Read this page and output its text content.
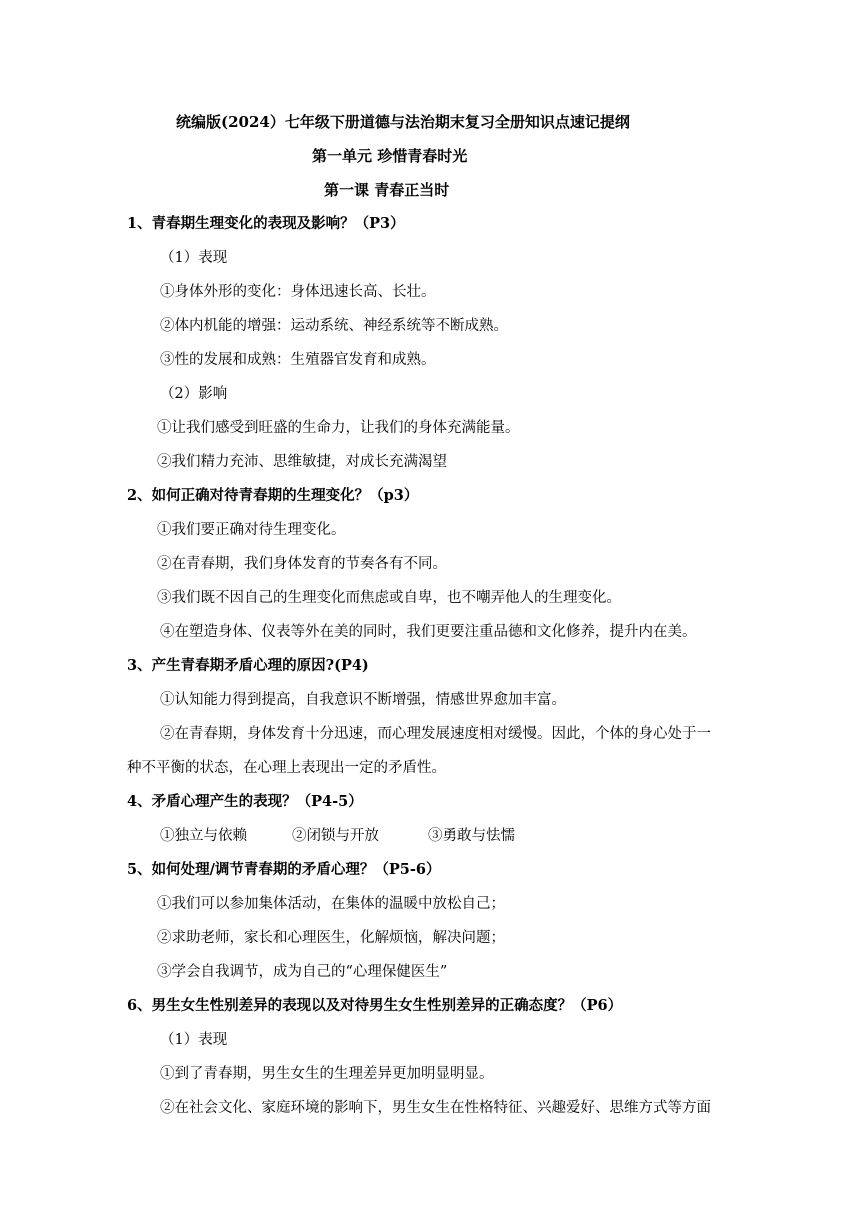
统编版(2024）七年级下册道德与法治期末复习全册知识点速记提纲
第一单元 珍惜青春时光
第一课 青春正当时
1、青春期生理变化的表现及影响？（P3）
（1）表现
①身体外形的变化：身体迅速长高、长壮。
②体内机能的增强：运动系统、神经系统等不断成熟。
③性的发展和成熟：生殖器官发育和成熟。
（2）影响
①让我们感受到旺盛的生命力，让我们的身体充满能量。
②我们精力充沛、思维敏捷，对成长充满渴望
2、如何正确对待青春期的生理变化？（p3）
①我们要正确对待生理变化。
②在青春期，我们身体发育的节奏各有不同。
③我们既不因自己的生理变化而焦虑或自卑，也不嘲弄他人的生理变化。
④在塑造身体、仪表等外在美的同时，我们更要注重品德和文化修养，提升内在美。
3、产生青春期矛盾心理的原因?(P4)
①认知能力得到提高，自我意识不断增强，情感世界愈加丰富。
②在青春期，身体发育十分迅速，而心理发展速度相对缓慢。因此，个体的身心处于一
种不平衡的状态，在心理上表现出一定的矛盾性。
4、矛盾心理产生的表现？（P4-5）
①独立与依赖	②闭锁与开放	③勇敢与怯懦
5、如何处理/调节青春期的矛盾心理？（P5-6）
①我们可以参加集体活动，在集体的温暖中放松自己；
②求助老师，家长和心理医生，化解烦恼，解决问题；
③学会自我调节，成为自己的“心理保健医生”
6、男生女生性别差异的表现以及对待男生女生性别差异的正确态度？（P6）
（1）表现
①到了青春期，男生女生的生理差异更加明显明显。
②在社会文化、家庭环境的影响下，男生女生在性格特征、兴趣爱好、思维方式等方面
